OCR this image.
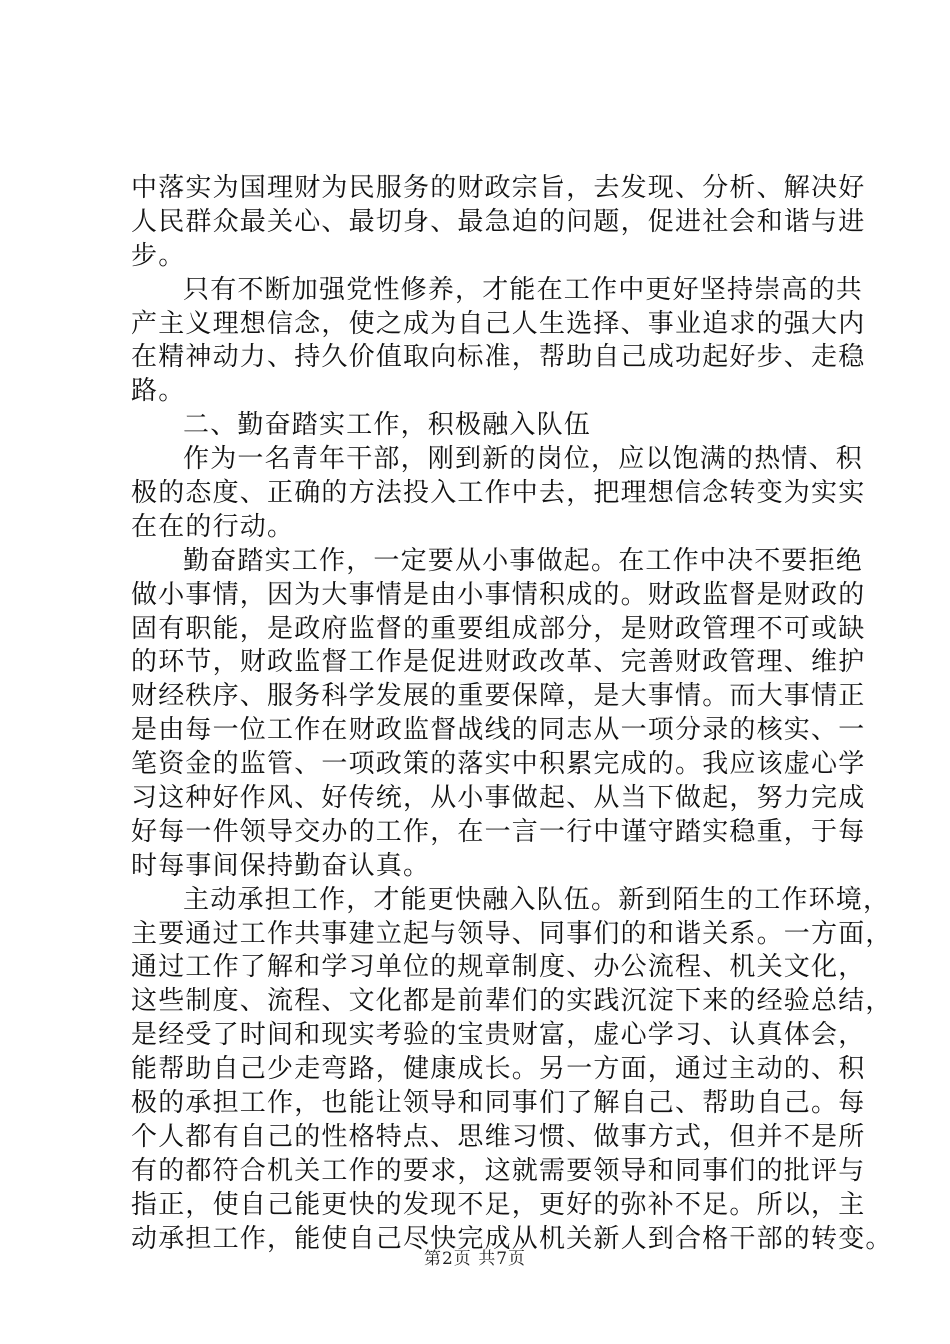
中落实为国理财为民服务的财政宗旨，去发现、分析、解决好
人民群众最关心、最切身、最急迫的问题，促进社会和谐与进
步。
只有不断加强党性修养，才能在工作中更好坚持崇高的共
产主义理想信念，使之成为自己人生选择、事业追求的强大内
在精神动力、持久价值取向标准，帮助自己成功起好步、走稳
路。
二、勤奋踏实工作，积极融入队伍
作为一名青年干部，刚到新的岗位，应以饱满的热情、积
极的态度、正确的方法投入工作中去，把理想信念转变为实实
在在的行动。
勤奋踏实工作，一定要从小事做起。在工作中决不要拒绝
做小事情，因为大事情是由小事情积成的。财政监督是财政的
固有职能，是政府监督的重要组成部分，是财政管理不可或缺
的环节，财政监督工作是促进财政改革、完善财政管理、维护
财经秩序、服务科学发展的重要保障，是大事情。而大事情正
是由每一位工作在财政监督战线的同志从一项分录的核实、一
笔资金的监管、一项政策的落实中积累完成的。我应该虚心学
习这种好作风、好传统，从小事做起、从当下做起，努力完成
好每一件领导交办的工作，在一言一行中谨守踏实稳重，于每
时每事间保持勤奋认真。
主动承担工作，才能更快融入队伍。新到陌生的工作环境，
主要通过工作共事建立起与领导、同事们的和谐关系。一方面，
通过工作了解和学习单位的规章制度、办公流程、机关文化，
这些制度、流程、文化都是前辈们的实践沉淀下来的经验总结，
是经受了时间和现实考验的宝贵财富，虚心学习、认真体会，
能帮助自己少走弯路，健康成长。另一方面，通过主动的、积
极的承担工作，也能让领导和同事们了解自己、帮助自己。每
个人都有自己的性格特点、思维习惯、做事方式，但并不是所
有的都符合机关工作的要求，这就需要领导和同事们的批评与
指正，使自己能更快的发现不足，更好的弥补不足。所以，主
动承担工作，能使自己尽快完成从机关新人到合格干部的转变。
第2页 共7页
